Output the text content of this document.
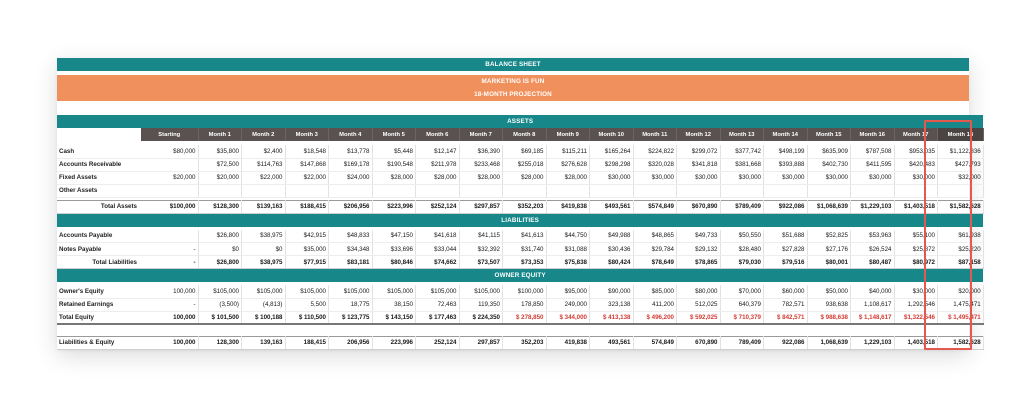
BALANCE SHEET
MARKETING IS FUN
18-MONTH PROJECTION

ASSETS																			

	Starting	Month 1	Month 2	Month 3	Month 4	Month 5	Month 6	Month 7	Month 8	Month 9	Month 10	Month 11	Month 12	Month 13	Month 14	Month 15	Month 16	Month 17	Month 18

Cash	$80,000	$35,800	$2,400	$18,548	$13,778	$5,448	$12,147	$36,390	$69,185	$115,211	$165,264	$224,822	$299,072	$377,742	$498,199	$635,909	$787,508	$953,035	$1,122,836
Accounts Receivable		$72,500	$114,763	$147,868	$169,178	$190,548	$211,978	$233,468	$255,018	$276,628	$298,298	$320,028	$341,818	$381,668	$393,888	$402,730	$411,595	$420,483	$427,793
Fixed Assets	$20,000	$20,000	$22,000	$22,000	$24,000	$28,000	$28,000	$28,000	$28,000	$28,000	$30,000	$30,000	$30,000	$30,000	$30,000	$30,000	$30,000	$30,000	$32,000
Other Assets																			

Total Assets	$100,000	$128,300	$139,163	$188,415	$206,956	$223,996	$252,124	$297,857	$352,203	$419,838	$493,561	$574,849	$670,890	$789,409	$922,086	$1,068,639	$1,229,103	$1,403,518	$1,582,628

LIABILITIES																			

Accounts Payable		$26,800	$38,975	$42,915	$48,833	$47,150	$41,618	$41,115	$41,613	$44,750	$49,988	$48,865	$49,733	$50,550	$51,688	$52,825	$53,963	$55,100	$61,938
Notes Payable	-	$0	$0	$35,000	$34,348	$33,696	$33,044	$32,392	$31,740	$31,088	$30,436	$29,784	$29,132	$28,480	$27,828	$27,176	$26,524	$25,872	$25,220
Total Liabilities	-	$26,800	$38,975	$77,915	$83,181	$80,846	$74,662	$73,507	$73,353	$75,838	$80,424	$78,649	$78,865	$79,030	$79,516	$80,001	$80,487	$80,972	$87,158

OWNER EQUITY																			

Owner's Equity	100,000	$105,000	$105,000	$105,000	$105,000	$105,000	$105,000	$105,000	$100,000	$95,000	$90,000	$85,000	$80,000	$70,000	$60,000	$50,000	$40,000	$30,000	$20,000
Retained Earnings	-	(3,500)	(4,813)	5,500	18,775	38,150	72,463	119,350	178,850	249,000	323,138	411,200	512,025	640,379	782,571	938,638	1,108,617	1,292,546	1,475,471
Total Equity	100,000	$ 101,500	$ 100,188	$ 110,500	$ 123,775	$ 143,150	$ 177,463	$ 224,350	$ 278,850	$ 344,000	$ 413,138	$ 496,200	$ 592,025	$ 710,379	$ 842,571	$ 988,638	$ 1,148,617	$1,322,546	$ 1,495,471

Liabilities & Equity	100,000	128,300	139,163	188,415	206,956	223,996	252,124	297,857	352,203	419,838	493,561	574,849	670,890	789,409	922,086	1,068,639	1,229,103	1,403,518	1,582,628
